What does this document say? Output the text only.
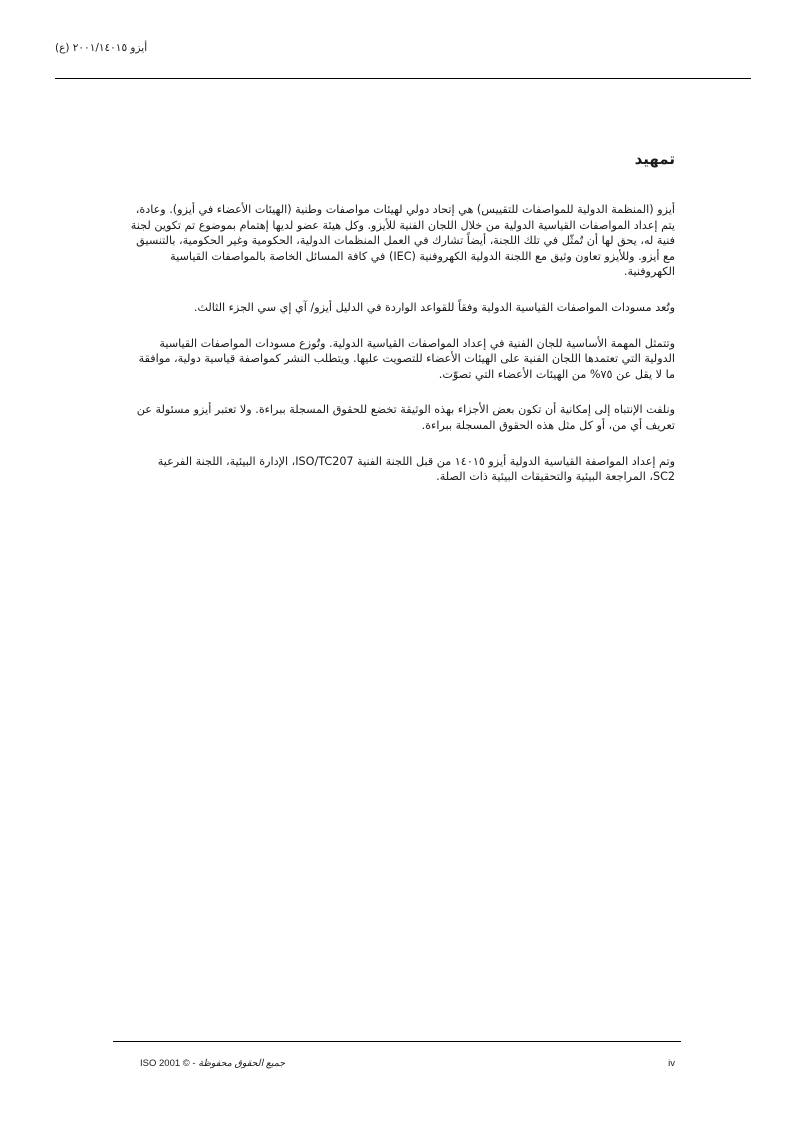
أيزو ٢٠٠١/١٤٠١٥ (ع)
تمهيد

أيزو (المنظمة الدولية للمواصفات للتقييس) هي إتحاد دولي لهيئات مواصفات وطنية (الهيئات الأعضاء في أيزو). وعادة، يتم إعداد المواصفات القياسية الدولية من خلال اللجان الفنية للأيزو. وكل هيئة عضو لديها إهتمام بموضوع تم تكوين لجنة فنية له، يحق لها أن تُمثّل في تلك اللجنة، أيضاً تشارك في العمل المنظمات الدولية، الحكومية وغير الحكومية، بالتنسيق مع أيزو. وللأيزو تعاون وثيق مع اللجنة الدولية الكهروفنية (IEC) في كافة المسائل الخاصة بالمواصفات القياسية الكهروفنية.

وتُعد مسودات المواصفات القياسية الدولية وفقاً للقواعد الواردة في الدليل أيزو/ آي إي سي الجزء الثالث.

وتتمثل المهمة الأساسية للجان الفنية في إعداد المواصفات القياسية الدولية. وتُوزع مسودات المواصفات القياسية الدولية التي تعتمدها اللجان الفنية على الهيئات الأعضاء للتصويت عليها. ويتطلب النشر كمواصفة قياسية دولية، موافقة ما لا يقل عن ٧٥% من الهيئات الأعضاء التي تصوّت.

ونلفت الإنتباه إلى إمكانية أن تكون بعض الأجزاء بهذه الوثيقة تخضع للحقوق المسجلة ببراءة. ولا تعتبر أيزو مسئولة عن تعريف أي من، أو كل مثل هذه الحقوق المسجلة ببراءة.

وتم إعداد المواصفة القياسية الدولية أيزو ١٤٠١٥ من قبل اللجنة الفنية ISO/TC207، الإدارة البيئية، اللجنة الفرعية SC2، المراجعة البيئية والتحقيقات البيئية ذات الصلة.

جميع الحقوق محفوظة - © ISO 2001	iv
